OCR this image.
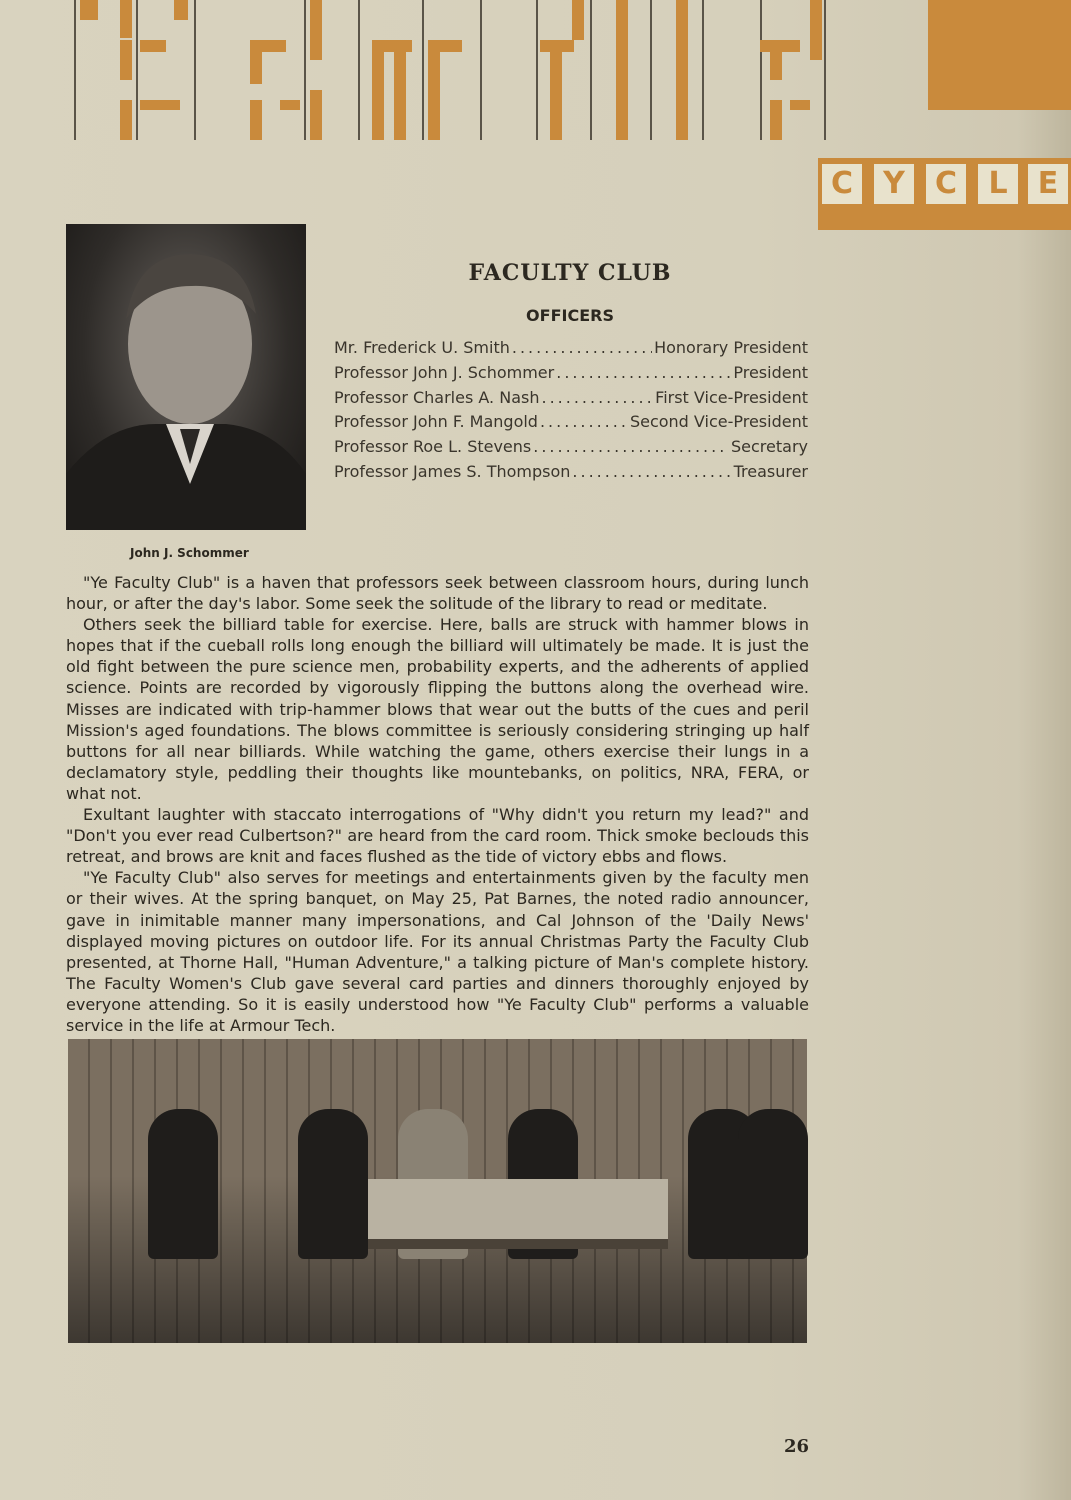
C	Y	C	L	E
John J. Schommer
FACULTY CLUB
OFFICERS
Mr. Frederick U. Smith .....	Honorary President
Professor John J. Schommer .....	President
Professor Charles A. Nash .....	First Vice-President
Professor John F. Mangold .....	Second Vice-President
Professor Roe L. Stevens .....	Secretary
Professor James S. Thompson .....	Treasurer

"Ye Faculty Club" is a haven that professors seek between classroom hours, during lunch hour, or after the day's labor. Some seek the solitude of the library to read or meditate.

Others seek the billiard table for exercise. Here, balls are struck with hammer blows in hopes that if the cueball rolls long enough the billiard will ultimately be made. It is just the old fight between the pure science men, probability experts, and the adherents of applied science. Points are recorded by vigorously flipping the buttons along the overhead wire. Misses are indicated with trip-hammer blows that wear out the butts of the cues and peril Mission's aged foundations. The blows committee is seriously considering stringing up half buttons for all near billiards. While watching the game, others exercise their lungs in a declamatory style, peddling their thoughts like mountebanks, on politics, NRA, FERA, or what not.

Exultant laughter with staccato interrogations of "Why didn't you return my lead?" and "Don't you ever read Culbertson?" are heard from the card room. Thick smoke beclouds this retreat, and brows are knit and faces flushed as the tide of victory ebbs and flows.

"Ye Faculty Club" also serves for meetings and entertainments given by the faculty men or their wives. At the spring banquet, on May 25, Pat Barnes, the noted radio announcer, gave in inimitable manner many impersonations, and Cal Johnson of the 'Daily News' displayed moving pictures on outdoor life. For its annual Christmas Party the Faculty Club presented, at Thorne Hall, "Human Adventure," a talking picture of Man's complete history. The Faculty Women's Club gave several card parties and dinners thoroughly enjoyed by everyone attending. So it is easily understood how "Ye Faculty Club" performs a valuable service in the life at Armour Tech.

26
